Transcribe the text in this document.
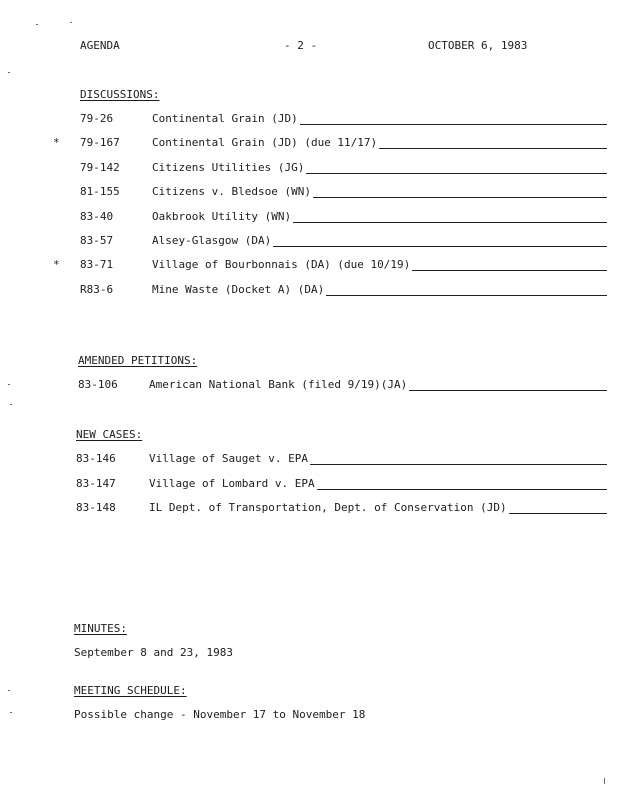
AGENDA	- 2 -	OCTOBER 6, 1983
DISCUSSIONS:
79-26	Continental Grain (JD)
* 79-167	Continental Grain (JD) (due 11/17)
79-142	Citizens Utilities (JG)
81-155	Citizens v. Bledsoe (WN)
83-40	Oakbrook Utility (WN)
83-57	Alsey-Glasgow (DA)
* 83-71	Village of Bourbonnais (DA) (due 10/19)
R83-6	Mine Waste (Docket A) (DA)
AMENDED PETITIONS:
83-106	American National Bank (filed 9/19)(JA)
NEW CASES:
83-146	Village of Sauget v. EPA
83-147	Village of Lombard v. EPA
83-148	IL Dept. of Transportation, Dept. of Conservation (JD)
MINUTES:
September 8 and 23, 1983
MEETING SCHEDULE:
Possible change - November 17 to November 18
